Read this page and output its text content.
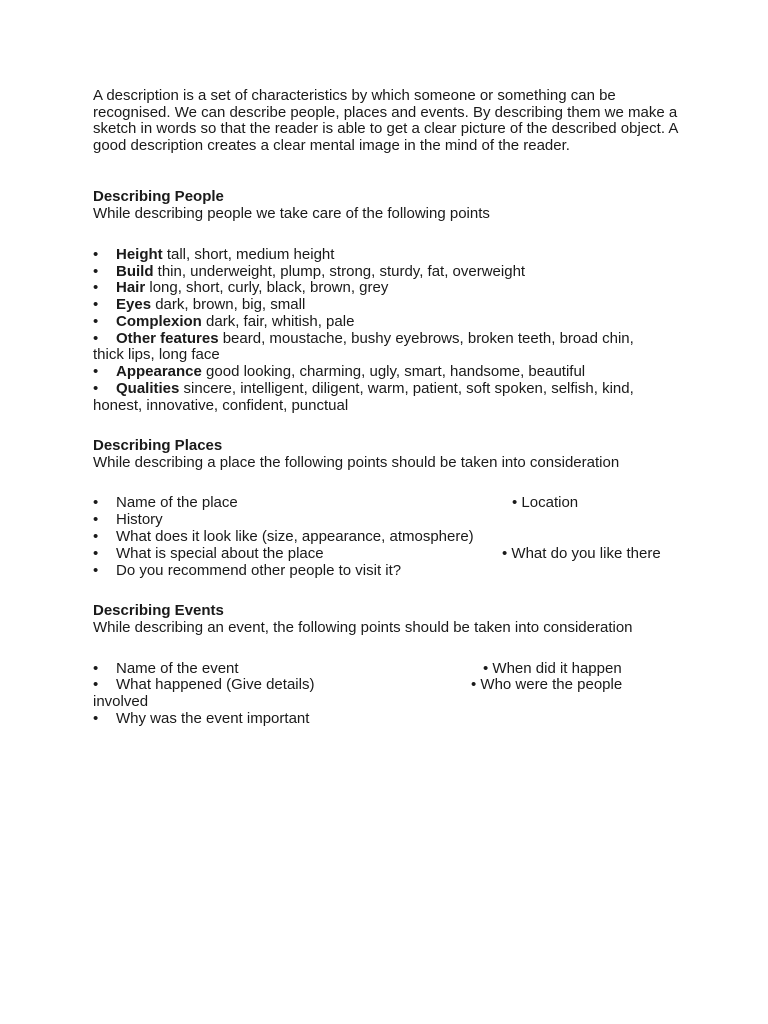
A description is a set of characteristics by which someone or something can be recognised. We can describe people, places and events. By describing them we make a sketch in words so that the reader is able to get a clear picture of the described object. A good description creates a clear mental image in the mind of the reader.

Describing People
While describing people we take care of the following points
• Height tall, short, medium height
• Build thin, underweight, plump, strong, sturdy, fat, overweight
• Hair long, short, curly, black, brown, grey
• Eyes dark, brown, big, small
• Complexion dark, fair, whitish, pale
• Other features beard, moustache, bushy eyebrows, broken teeth, broad chin,
thick lips, long face
• Appearance good looking, charming, ugly, smart, handsome, beautiful
• Qualities sincere, intelligent, diligent, warm, patient, soft spoken, selfish, kind,
honest, innovative, confident, punctual
Describing Places
While describing a place the following points should be taken into consideration
• Name of the place	• Location
• History
• What does it look like (size, appearance, atmosphere)
• What is special about the place	• What do you like there
• Do you recommend other people to visit it?
Describing Events
While describing an event, the following points should be taken into consideration
• Name of the event	• When did it happen
• What happened (Give details)	• Who were the people
involved
• Why was the event important
